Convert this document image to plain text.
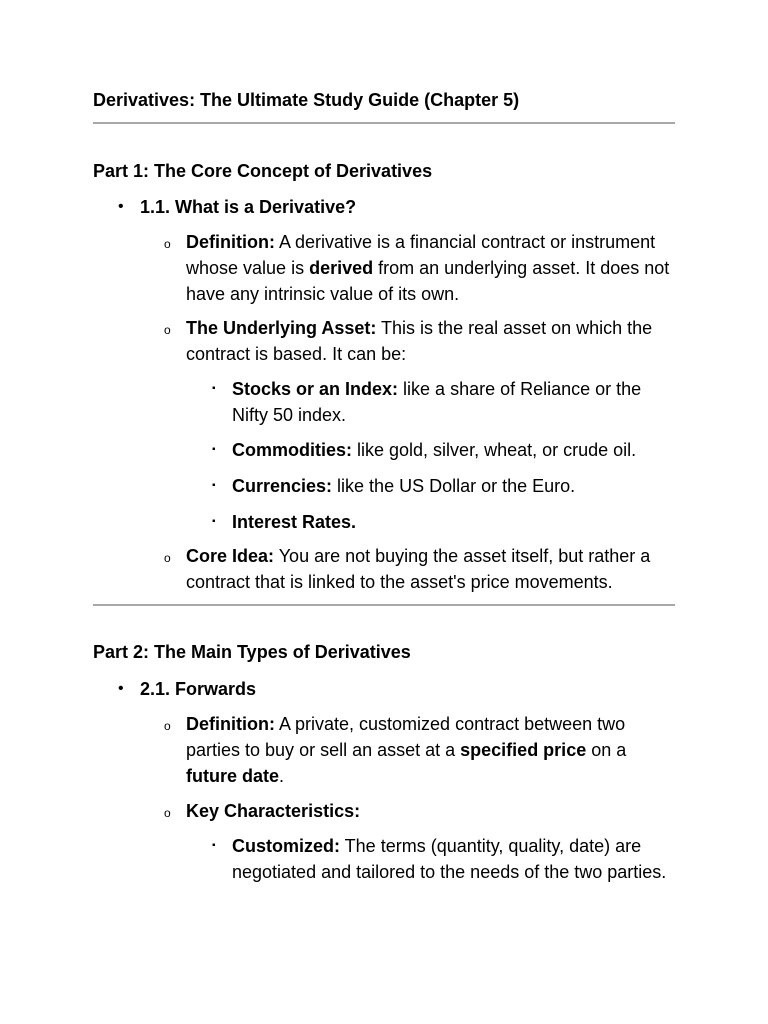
Derivatives: The Ultimate Study Guide (Chapter 5)
Part 1: The Core Concept of Derivatives
• 1.1. What is a Derivative?
o Definition: A derivative is a financial contract or instrument whose value is derived from an underlying asset. It does not have any intrinsic value of its own.
o The Underlying Asset: This is the real asset on which the contract is based. It can be:
▪ Stocks or an Index: like a share of Reliance or the Nifty 50 index.
▪ Commodities: like gold, silver, wheat, or crude oil.
▪ Currencies: like the US Dollar or the Euro.
▪ Interest Rates.
o Core Idea: You are not buying the asset itself, but rather a contract that is linked to the asset's price movements.
Part 2: The Main Types of Derivatives
• 2.1. Forwards
o Definition: A private, customized contract between two parties to buy or sell an asset at a specified price on a future date.
o Key Characteristics:
▪ Customized: The terms (quantity, quality, date) are negotiated and tailored to the needs of the two parties.
